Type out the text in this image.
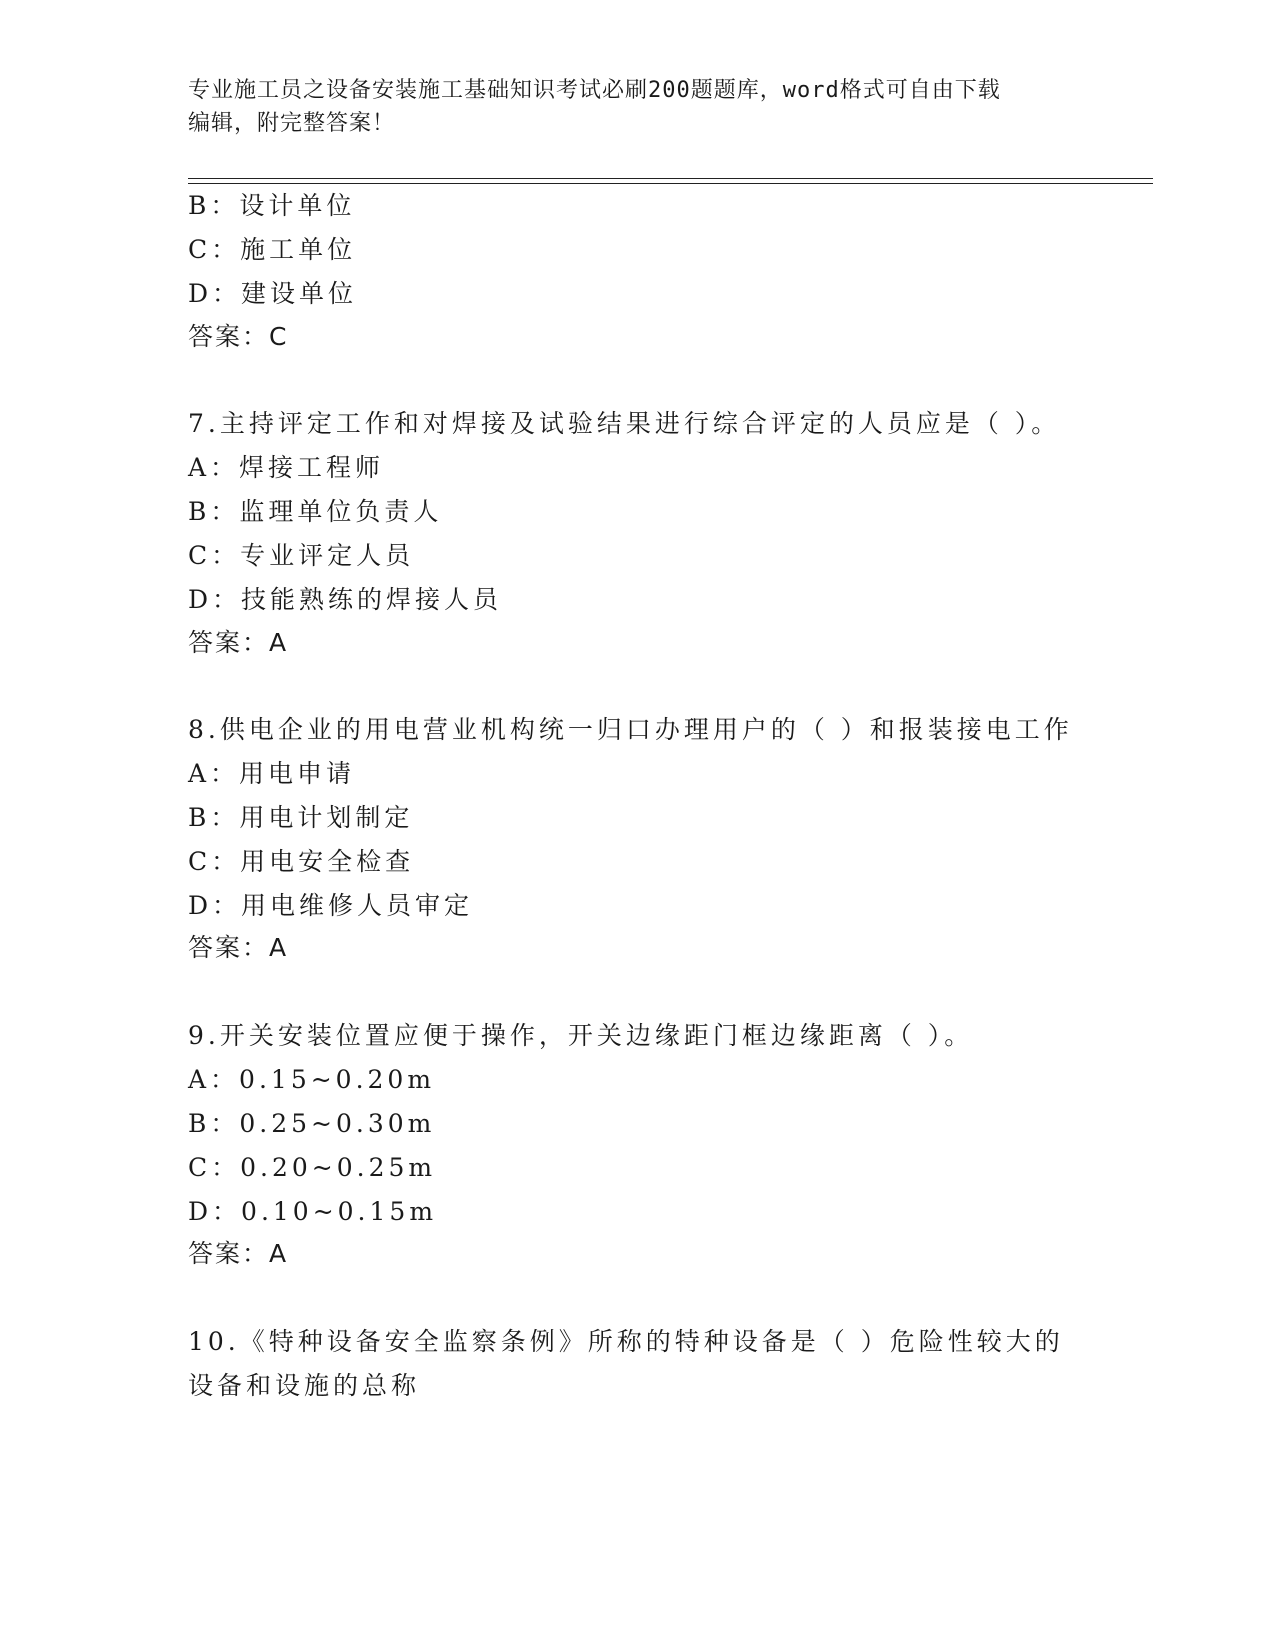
专业施工员之设备安装施工基础知识考试必刷200题题库，word格式可自由下载
编辑，附完整答案！
B：设计单位
C：施工单位
D：建设单位
答案：C
7.主持评定工作和对焊接及试验结果进行综合评定的人员应是（ ）。
A：焊接工程师
B：监理单位负责人
C：专业评定人员
D：技能熟练的焊接人员
答案：A
8.供电企业的用电营业机构统一归口办理用户的（ ）和报装接电工作
A：用电申请
B：用电计划制定
C：用电安全检查
D：用电维修人员审定
答案：A
9.开关安装位置应便于操作，开关边缘距门框边缘距离（ ）。
A：0.15~0.20m
B：0.25~0.30m
C：0.20~0.25m
D：0.10~0.15m
答案：A
10.《特种设备安全监察条例》所称的特种设备是（ ）危险性较大的
设备和设施的总称
